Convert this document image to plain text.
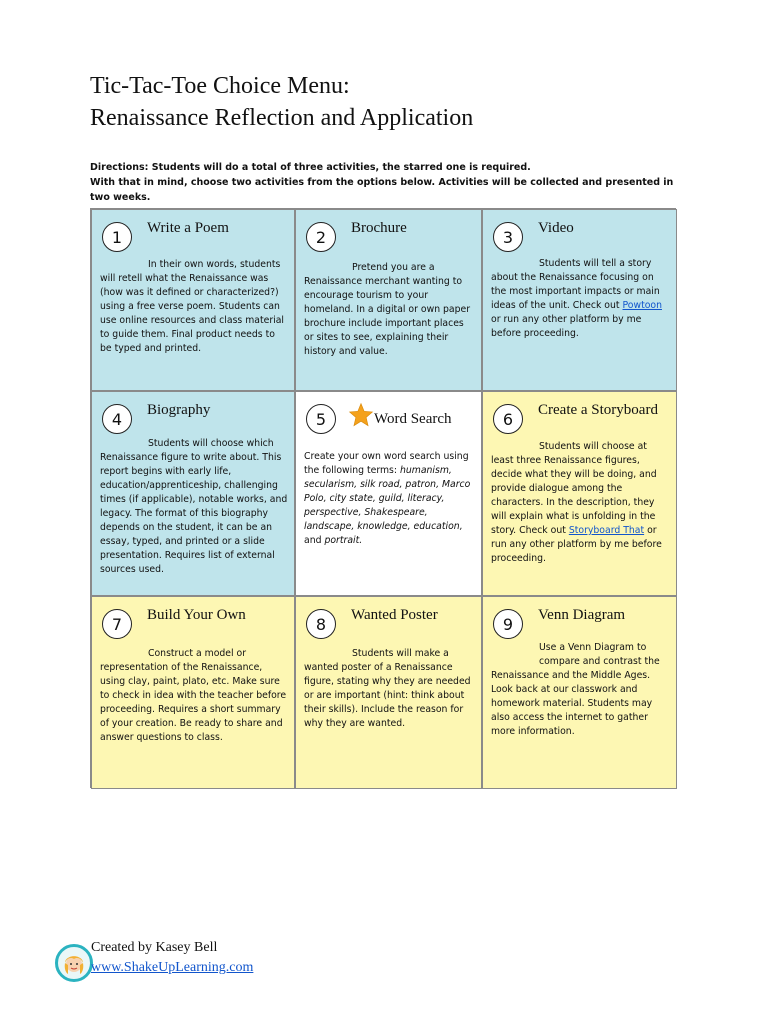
Tic-Tac-Toe Choice Menu:
Renaissance Reflection and Application
Directions: Students will do a total of three activities, the starred one is required.
With that in mind, choose two activities from the options below. Activities will be collected and presented in two weeks.
1	Write a Poem
In their own words, students will retell what the Renaissance was (how was it defined or characterized?) using a free verse poem. Students can use online resources and class material to guide them. Final product needs to be typed and printed.
2	Brochure
Pretend you are a Renaissance merchant wanting to encourage tourism to your homeland. In a digital or own paper brochure include important places or sites to see, explaining their history and value.
3	Video
Students will tell a story about the Renaissance focusing on the most important impacts or main ideas of the unit. Check out Powtoon or run any other platform by me before proceeding.
4	Biography
Students will choose which Renaissance figure to write about. This report begins with early life, education/apprenticeship, challenging times (if applicable), notable works, and legacy. The format of this biography depends on the student, it can be an essay, typed, and printed or a slide presentation. Requires list of external sources used.
5	Word Search
Create your own word search using the following terms: humanism, secularism, silk road, patron, Marco Polo, city state, guild, literacy, perspective, Shakespeare, landscape, knowledge, education,  and portrait.
6	Create a Storyboard
Students will choose at least three Renaissance figures, decide what they will be doing, and provide dialogue among the characters. In the description, they will explain what is unfolding in the story. Check out Storyboard That or run any other platform by me before proceeding.
7	Build Your Own
Construct a model or representation of the Renaissance, using clay, paint, plato, etc. Make sure to check in idea with the teacher before proceeding. Requires a short summary of your creation. Be ready to share and answer questions to class.
8	Wanted Poster
Students will make a wanted poster of a Renaissance figure, stating why they are needed or are important (hint: think about their skills). Include the reason for why they are wanted.
9	Venn Diagram
Use a Venn Diagram to
compare and contrast the Renaissance and the Middle Ages. Look back at our classwork and homework material. Students may also access the internet to gather more information.
Created by Kasey Bell
www.ShakeUpLearning.com
